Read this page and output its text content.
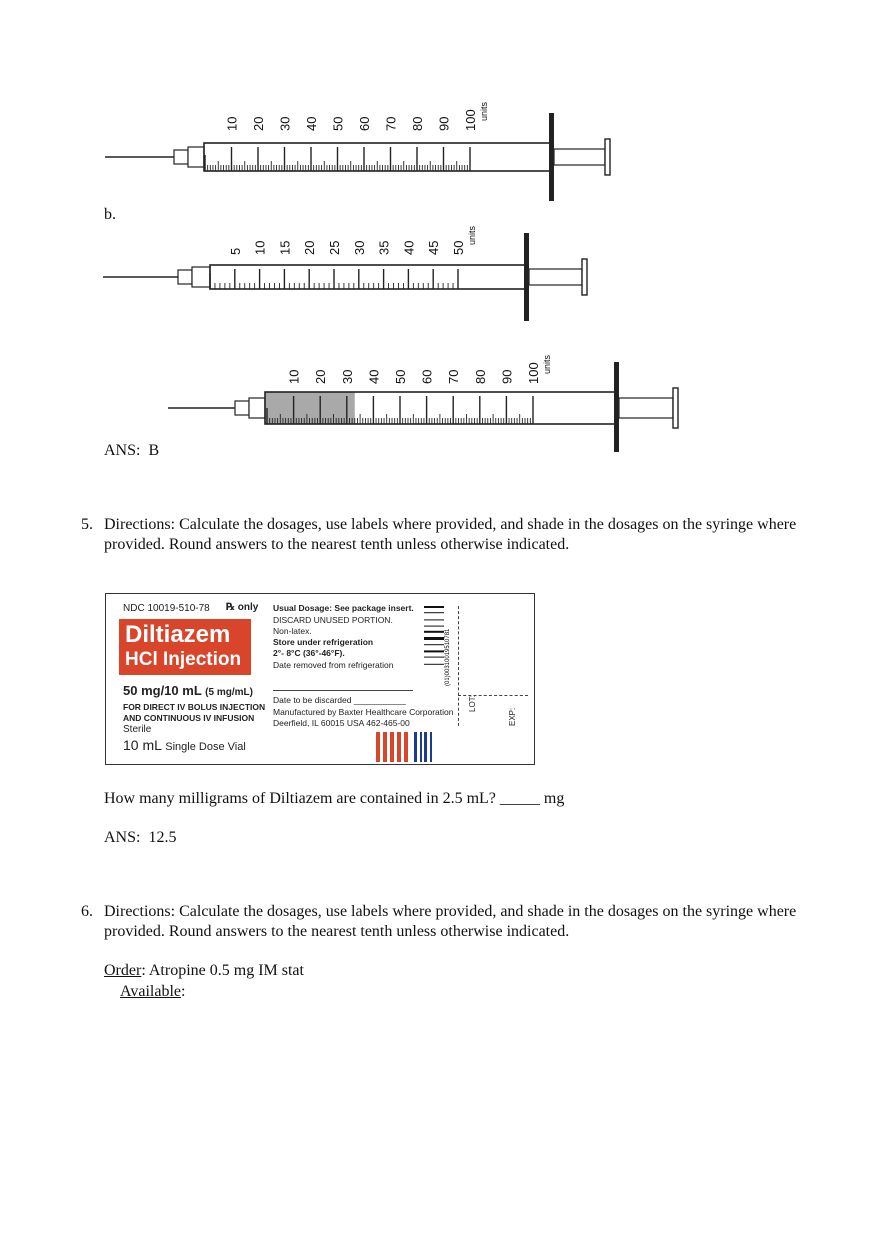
10 20 30 40 50 60 70 80 90 100 units
b.
5 10 15 20 25 30 35 40 45 50
units
10 20 30 40 50 60 70 80 90 100 units
ANS: B
5. Directions: Calculate the dosages, use labels where provided, and shade in the dosages on the syringe where provided. Round answers to the nearest tenth unless otherwise indicated.
NDC 10019-510-78 ℞ only
Diltiazem
HCl Injection
50 mg/10 mL (5 mg/mL)
FOR DIRECT IV BOLUS INJECTION
AND CONTINUOUS IV INFUSION
Sterile
10 mL Single Dose Vial
Usual Dosage: See package insert.
DISCARD UNUSED PORTION.
Non-latex.
Store under refrigeration
2°- 8°C (36°-46°F).
Date removed from refrigeration
Date to be discarded ___________
Manufactured by Baxter Healthcare Corporation
Deerfield, IL 60015 USA 462-465-00
(01)00310019510781
LOT:
EXP:
How many milligrams of Diltiazem are contained in 2.5 mL? _____ mg
ANS: 12.5
6. Directions: Calculate the dosages, use labels where provided, and shade in the dosages on the syringe where provided. Round answers to the nearest tenth unless otherwise indicated.
Order: Atropine 0.5 mg IM stat
Available:
